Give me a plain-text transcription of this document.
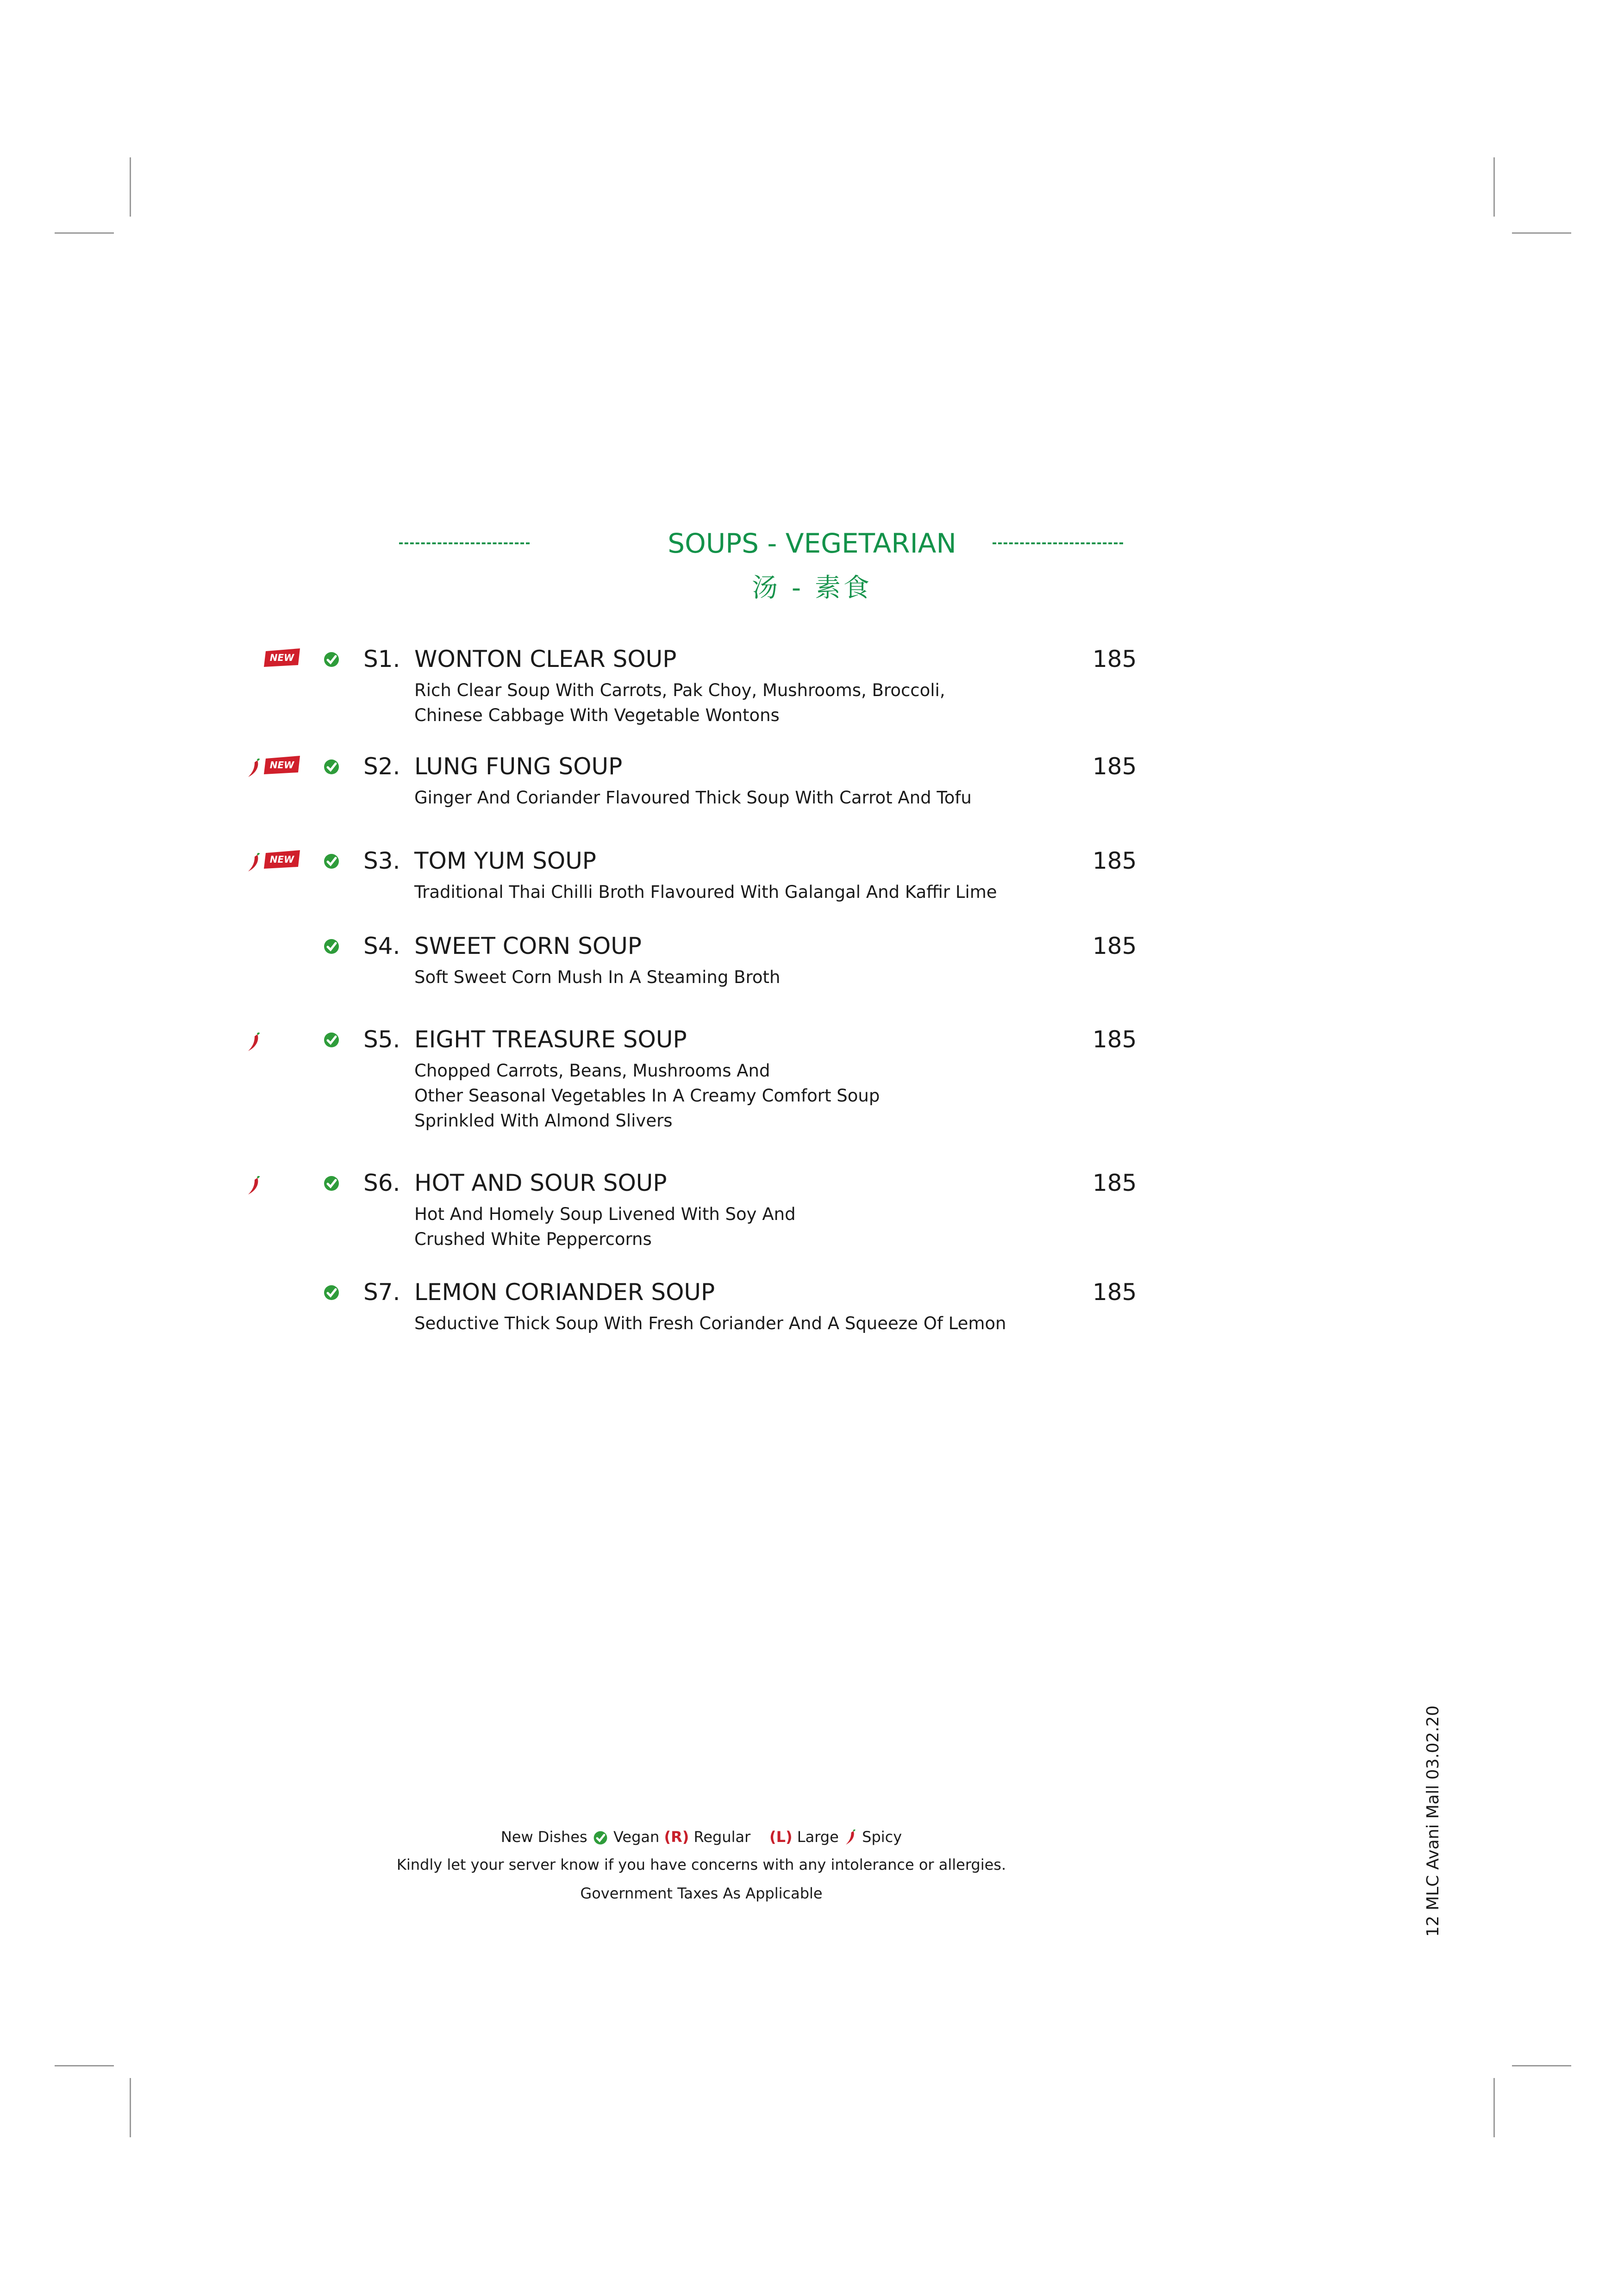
SOUPS - VEGETARIAN
汤 - 素食
NEW	S1. WONTON CLEAR SOUP	185
Rich Clear Soup With Carrots, Pak Choy, Mushrooms, Broccoli,
Chinese Cabbage With Vegetable Wontons
NEW	S2. LUNG FUNG SOUP	185
Ginger And Coriander Flavoured Thick Soup With Carrot And Tofu
NEW	S3. TOM YUM SOUP	185
Traditional Thai Chilli Broth Flavoured With Galangal And Kaffir Lime
S4. SWEET CORN SOUP	185
Soft Sweet Corn Mush In A Steaming Broth
S5. EIGHT TREASURE SOUP	185
Chopped Carrots, Beans, Mushrooms And
Other Seasonal Vegetables In A Creamy Comfort Soup
Sprinkled With Almond Slivers
S6. HOT AND SOUR SOUP	185
Hot And Homely Soup Livened With Soy And
Crushed White Peppercorns
S7. LEMON CORIANDER SOUP	185
Seductive Thick Soup With Fresh Coriander And A Squeeze Of Lemon
New Dishes Vegan (R) Regular (L) Large Spicy
Kindly let your server know if you have concerns with any intolerance or allergies.
Government Taxes As Applicable	12 MLC Avani Mall 03.02.20
